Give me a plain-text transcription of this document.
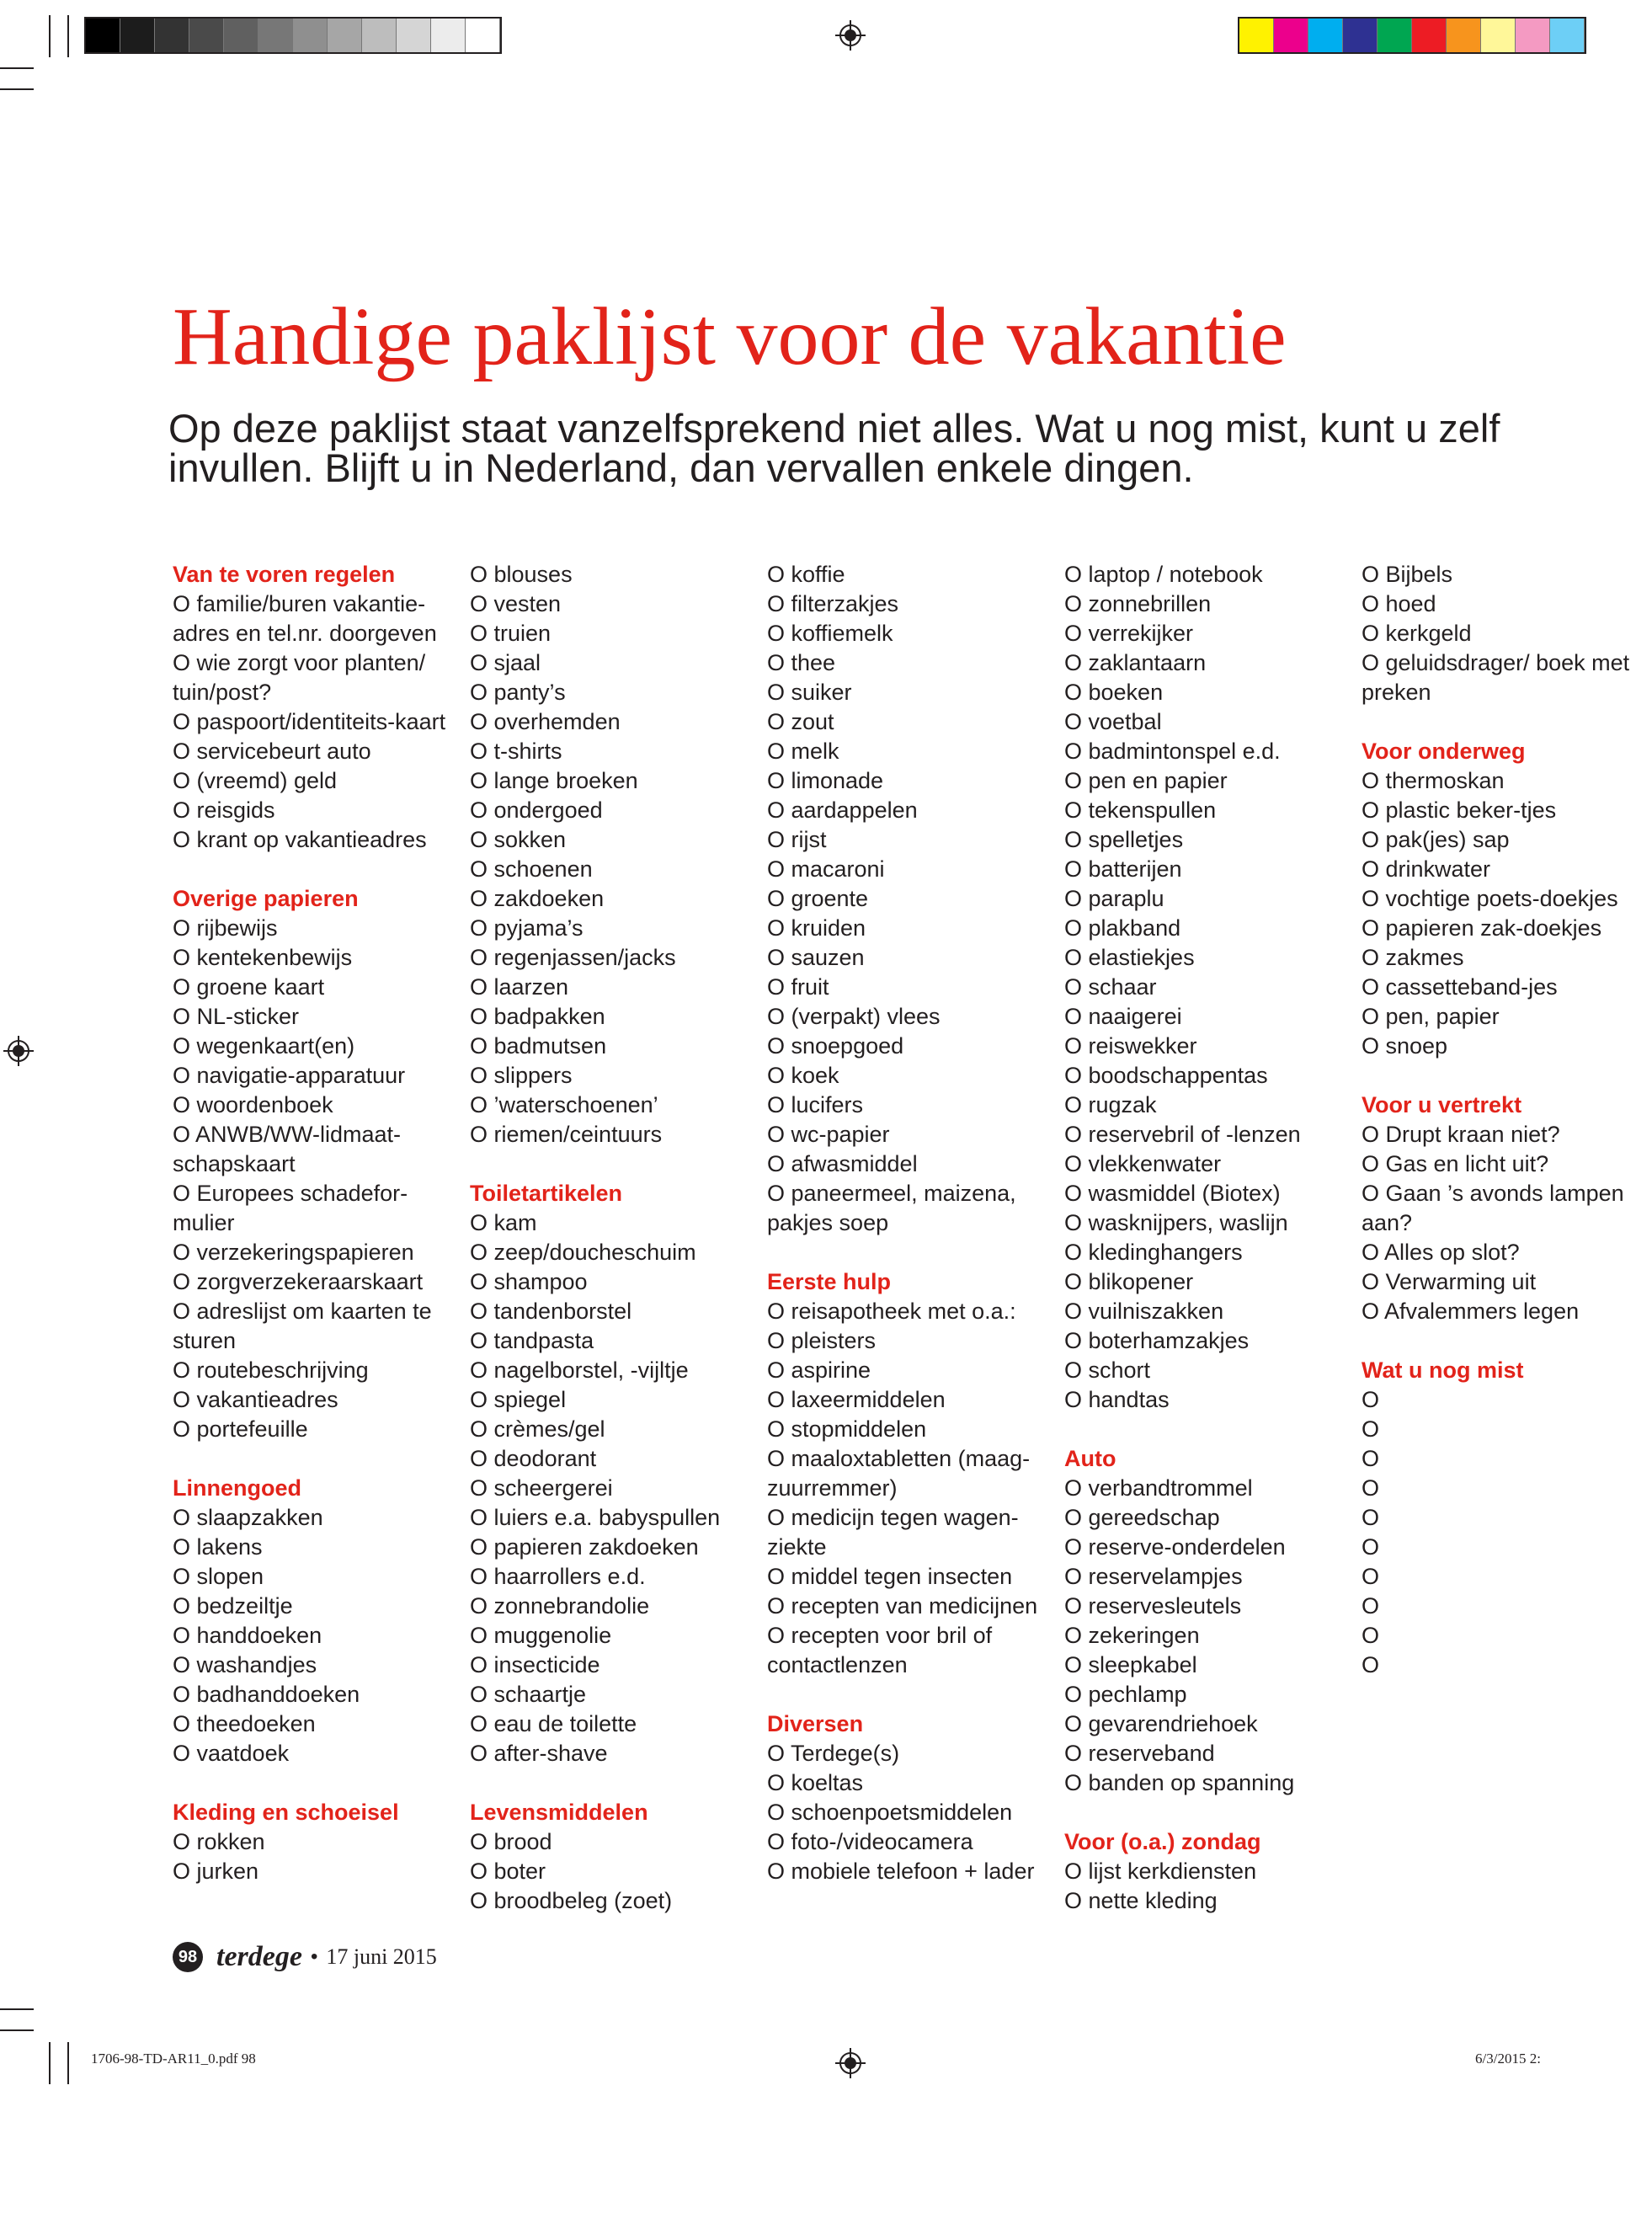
Handige paklijst voor de vakantie

Op deze paklijst staat vanzelfsprekend niet alles. Wat u nog mist, kunt u zelf invullen. Blijft u in Nederland, dan vervallen enkele dingen.

Van te voren regelen
O familie/buren vakantie-adres en tel.nr. doorgeven
O wie zorgt voor planten/ tuin/post?
O paspoort/identiteits-kaart
O servicebeurt auto
O (vreemd) geld
O reisgids
O krant op vakantieadres
Overige papieren
O rijbewijs
O kentekenbewijs
O groene kaart
O NL-sticker
O wegenkaart(en)
O navigatie-apparatuur
O woordenboek
O ANWB/WW-lidmaat-schapskaart
O Europees schadefor-mulier
O verzekeringspapieren
O zorgverzekeraarskaart
O adreslijst om kaarten te sturen
O routebeschrijving
O vakantieadres
O portefeuille
Linnengoed
O slaapzakken
O lakens
O slopen
O bedzeiltje
O handdoeken
O washandjes
O badhanddoeken
O theedoeken
O vaatdoek
Kleding en schoeisel
O rokken
O jurken
O blouses
O vesten
O truien
O sjaal
O panty’s
O overhemden
O t-shirts
O lange broeken
O ondergoed
O sokken
O schoenen
O zakdoeken
O pyjama’s
O regenjassen/jacks
O laarzen
O badpakken
O badmutsen
O slippers
O ’waterschoenen’
O riemen/ceintuurs
Toiletartikelen
O kam
O zeep/doucheschuim
O shampoo
O tandenborstel
O tandpasta
O nagelborstel, -vijltje
O spiegel
O crèmes/gel
O deodorant
O scheergerei
O luiers e.a. babyspullen
O papieren zakdoeken
O haarrollers e.d.
O zonnebrandolie
O muggenolie
O insecticide
O schaartje
O eau de toilette
O after-shave
Levensmiddelen
O brood
O boter
O broodbeleg (zoet)
O koffie
O filterzakjes
O koffiemelk
O thee
O suiker
O zout
O melk
O limonade
O aardappelen
O rijst
O macaroni
O groente
O kruiden
O sauzen
O fruit
O (verpakt) vlees
O snoepgoed
O koek
O lucifers
O wc-papier
O afwasmiddel
O paneermeel, maizena, pakjes soep
Eerste hulp
O reisapotheek met o.a.:
O pleisters
O aspirine
O laxeermiddelen
O stopmiddelen
O maaloxtabletten (maag-zuurremmer)
O medicijn tegen wagen-ziekte
O middel tegen insecten
O recepten van medicijnen
O recepten voor bril of contactlenzen
Diversen
O Terdege(s)
O koeltas
O schoenpoetsmiddelen
O foto-/videocamera
O mobiele telefoon + lader
O laptop / notebook
O zonnebrillen
O verrekijker
O zaklantaarn
O boeken
O voetbal
O badmintonspel e.d.
O pen en papier
O tekenspullen
O spelletjes
O batterijen
O paraplu
O plakband
O elastiekjes
O schaar
O naaigerei
O reiswekker
O boodschappentas
O rugzak
O reservebril of -lenzen
O vlekkenwater
O wasmiddel (Biotex)
O wasknijpers, waslijn
O kledinghangers
O blikopener
O vuilniszakken
O boterhamzakjes
O schort
O handtas
Auto
O verbandtrommel
O gereedschap
O reserve-onderdelen
O reservelampjes
O reservesleutels
O zekeringen
O sleepkabel
O pechlamp
O gevarendriehoek
O reserveband
O banden op spanning
Voor (o.a.) zondag
O lijst kerkdiensten
O nette kleding
O Bijbels
O hoed
O kerkgeld
O geluidsdrager/ boek met preken
Voor onderweg
O thermoskan
O plastic beker-tjes
O pak(jes) sap
O drinkwater
O vochtige poets-doekjes
O papieren zak-doekjes
O zakmes
O cassetteband-jes
O pen, papier
O snoep
Voor u vertrekt
O Drupt kraan niet?
O Gas en licht uit?
O Gaan ’s avonds lampen aan?
O Alles op slot?
O Verwarming uit
O Afvalemmers legen
Wat u nog mist
O
O
O
O
O
O
O
O
O
O
98 terdege • 17 juni 2015
1706-98-TD-AR11_0.pdf 98	6/3/2015 2:
